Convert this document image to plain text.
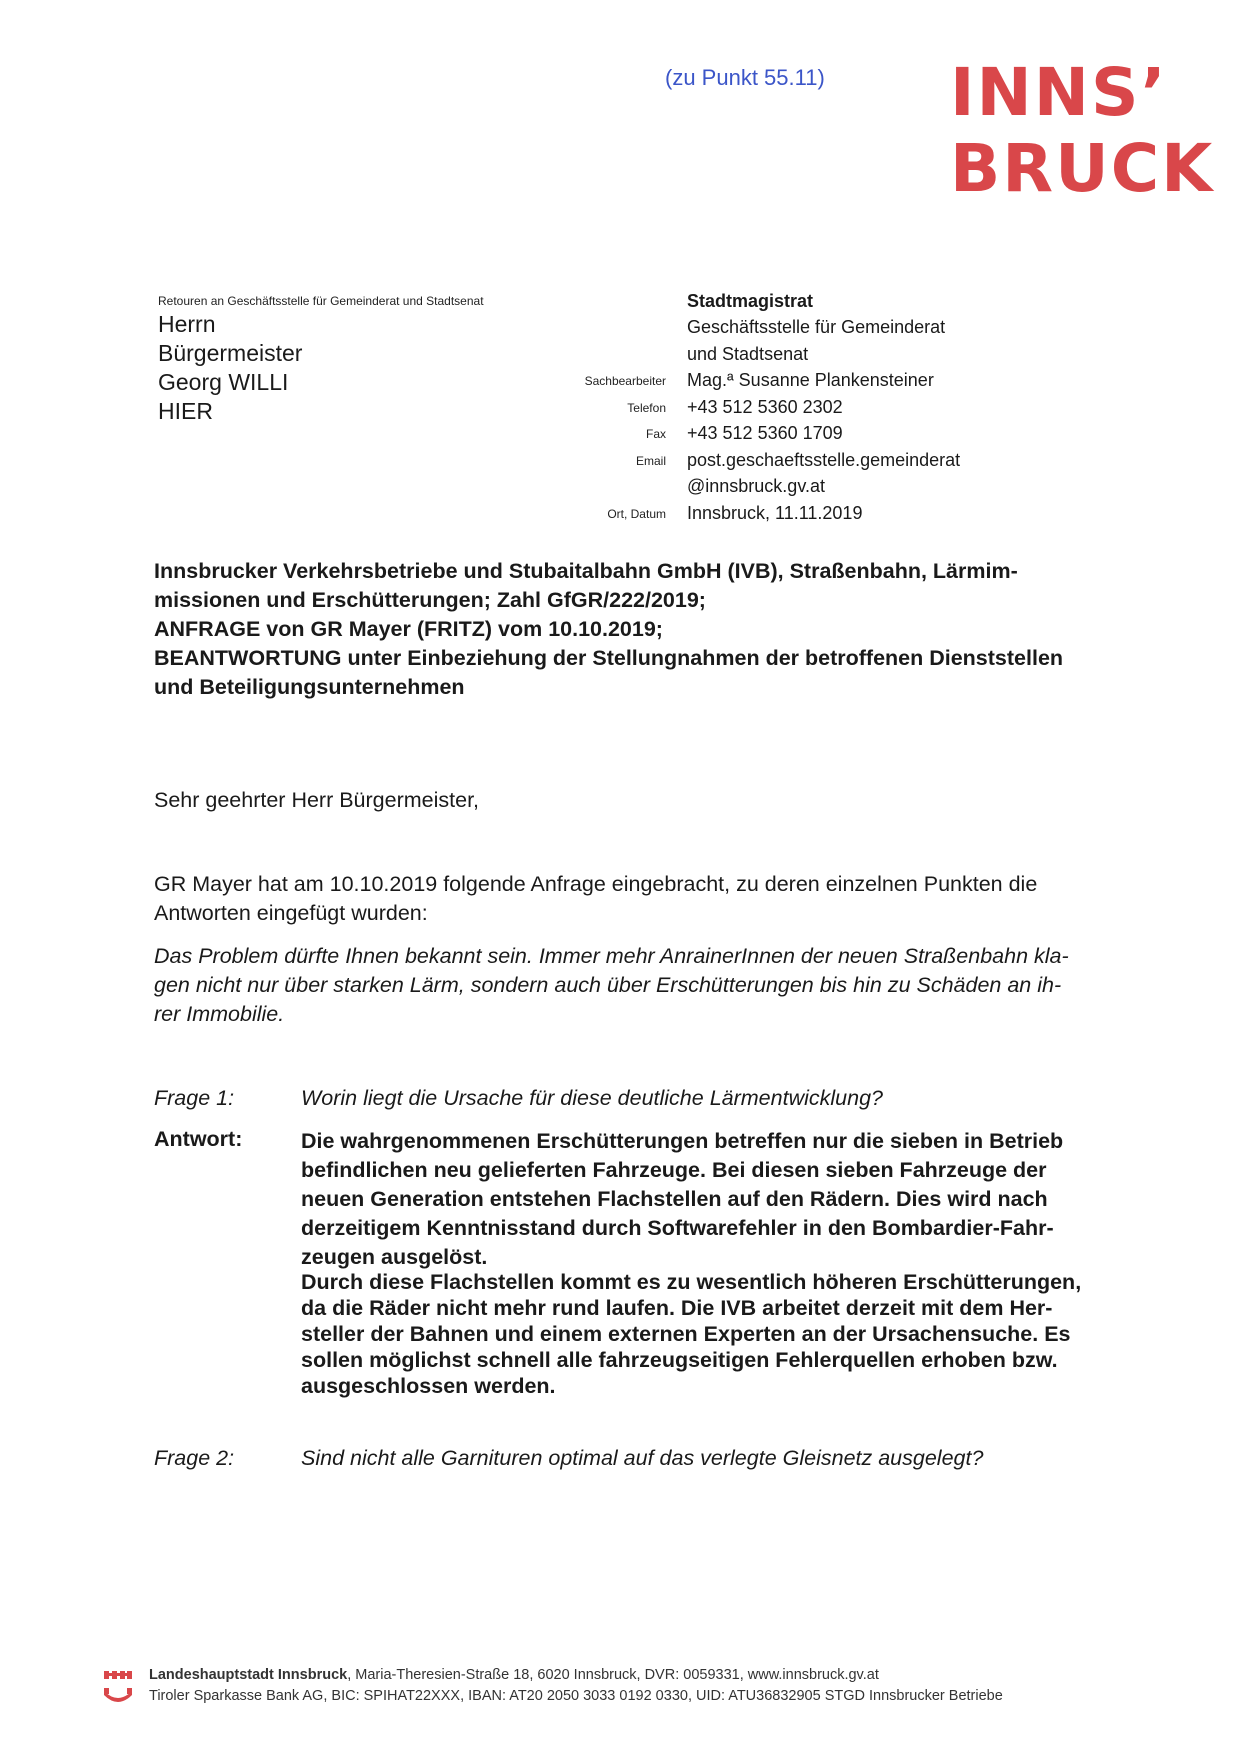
(zu Punkt 55.11) INNS’
BRUCK
Retouren an Geschäftsstelle für Gemeinderat und Stadtsenat
Herrn
Bürgermeister
Georg WILLI
HIER
Stadtmagistrat
Geschäftsstelle für Gemeinderat
und Stadtsenat
Sachbearbeiter	Mag.ª Susanne Plankensteiner
Telefon	+43 512 5360 2302
Fax	+43 512 5360 1709
Email	post.geschaeftsstelle.gemeinderat
@innsbruck.gv.at
Ort, Datum	Innsbruck, 11.11.2019
Innsbrucker Verkehrsbetriebe und Stubaitalbahn GmbH (IVB), Straßenbahn, Lärmim-
missionen und Erschütterungen; Zahl GfGR/222/2019;
ANFRAGE von GR Mayer (FRITZ) vom 10.10.2019;
BEANTWORTUNG unter Einbeziehung der Stellungnahmen der betroffenen Dienststellen
und Beteiligungsunternehmen
Sehr geehrter Herr Bürgermeister,
GR Mayer hat am 10.10.2019 folgende Anfrage eingebracht, zu deren einzelnen Punkten die
Antworten eingefügt wurden:
Das Problem dürfte Ihnen bekannt sein. Immer mehr AnrainerInnen der neuen Straßenbahn kla-
gen nicht nur über starken Lärm, sondern auch über Erschütterungen bis hin zu Schäden an ih-
rer Immobilie.
Frage 1:	Worin liegt die Ursache für diese deutliche Lärmentwicklung?
Antwort:	Die wahrgenommenen Erschütterungen betreffen nur die sieben in Betrieb
befindlichen neu gelieferten Fahrzeuge. Bei diesen sieben Fahrzeuge der
neuen Generation entstehen Flachstellen auf den Rädern. Dies wird nach
derzeitigem Kenntnisstand durch Softwarefehler in den Bombardier-Fahr-
zeugen ausgelöst.
Durch diese Flachstellen kommt es zu wesentlich höheren Erschütterungen,
da die Räder nicht mehr rund laufen. Die IVB arbeitet derzeit mit dem Her-
steller der Bahnen und einem externen Experten an der Ursachensuche. Es
sollen möglichst schnell alle fahrzeugseitigen Fehlerquellen erhoben bzw.
ausgeschlossen werden.
Frage 2:	Sind nicht alle Garnituren optimal auf das verlegte Gleisnetz ausgelegt?
Landeshauptstadt Innsbruck, Maria-Theresien-Straße 18, 6020 Innsbruck, DVR: 0059331, www.innsbruck.gv.at
Tiroler Sparkasse Bank AG, BIC: SPIHAT22XXX, IBAN: AT20 2050 3033 0192 0330, UID: ATU36832905 STGD Innsbrucker Betriebe
